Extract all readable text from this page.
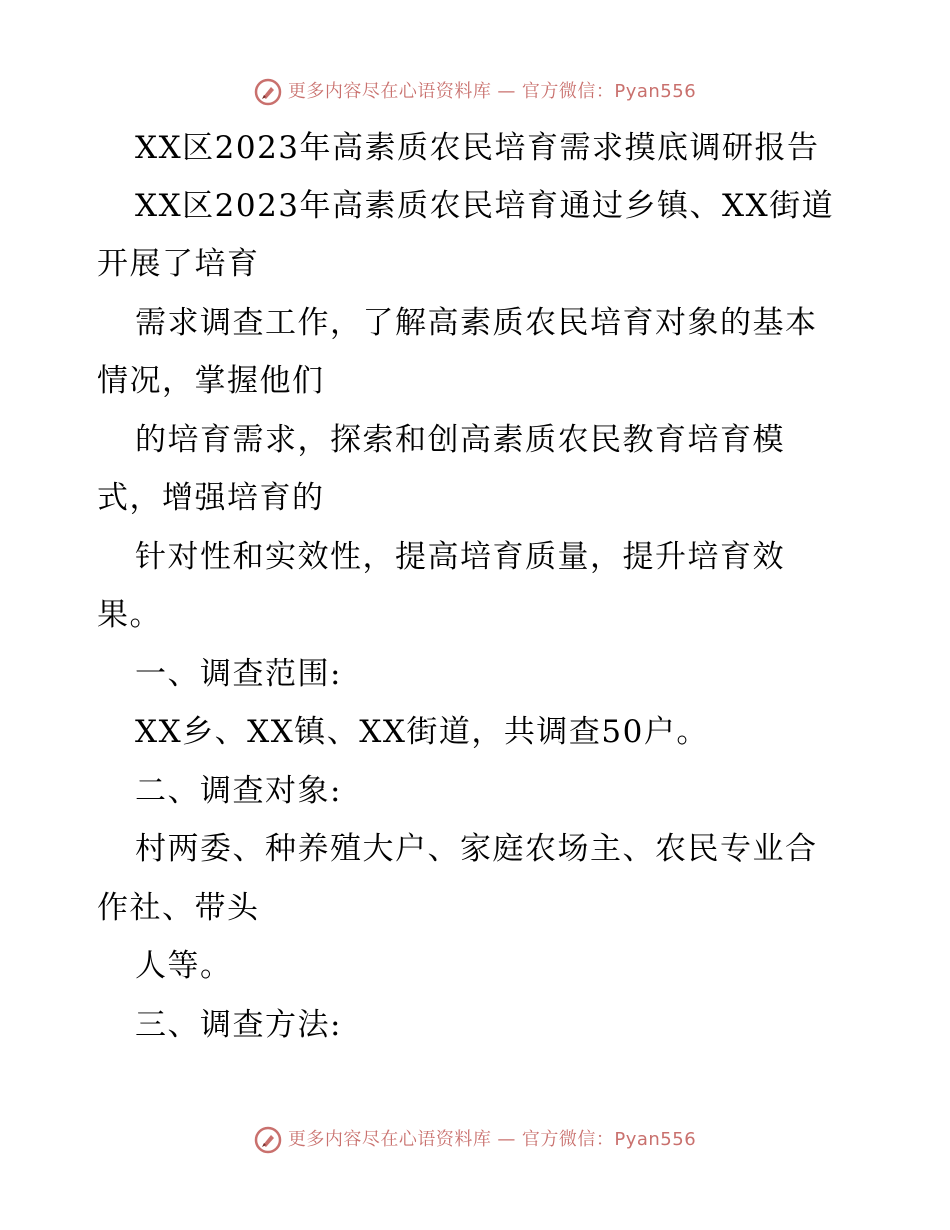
更多内容尽在心语资料库 — 官方微信：Pyan556
XX区2023年高素质农民培育需求摸底调研报告
XX区2023年高素质农民培育通过乡镇、XX街道
开展了培育
需求调查工作，了解高素质农民培育对象的基本
情况，掌握他们
的培育需求，探索和创高素质农民教育培育模
式，增强培育的
针对性和实效性，提高培育质量，提升培育效
果。
一、调查范围:
XX乡、XX镇、XX街道，共调查50户。
二、调查对象:
村两委、种养殖大户、家庭农场主、农民专业合
作社、带头
人等。
三、调查方法:
更多内容尽在心语资料库 — 官方微信：Pyan556
